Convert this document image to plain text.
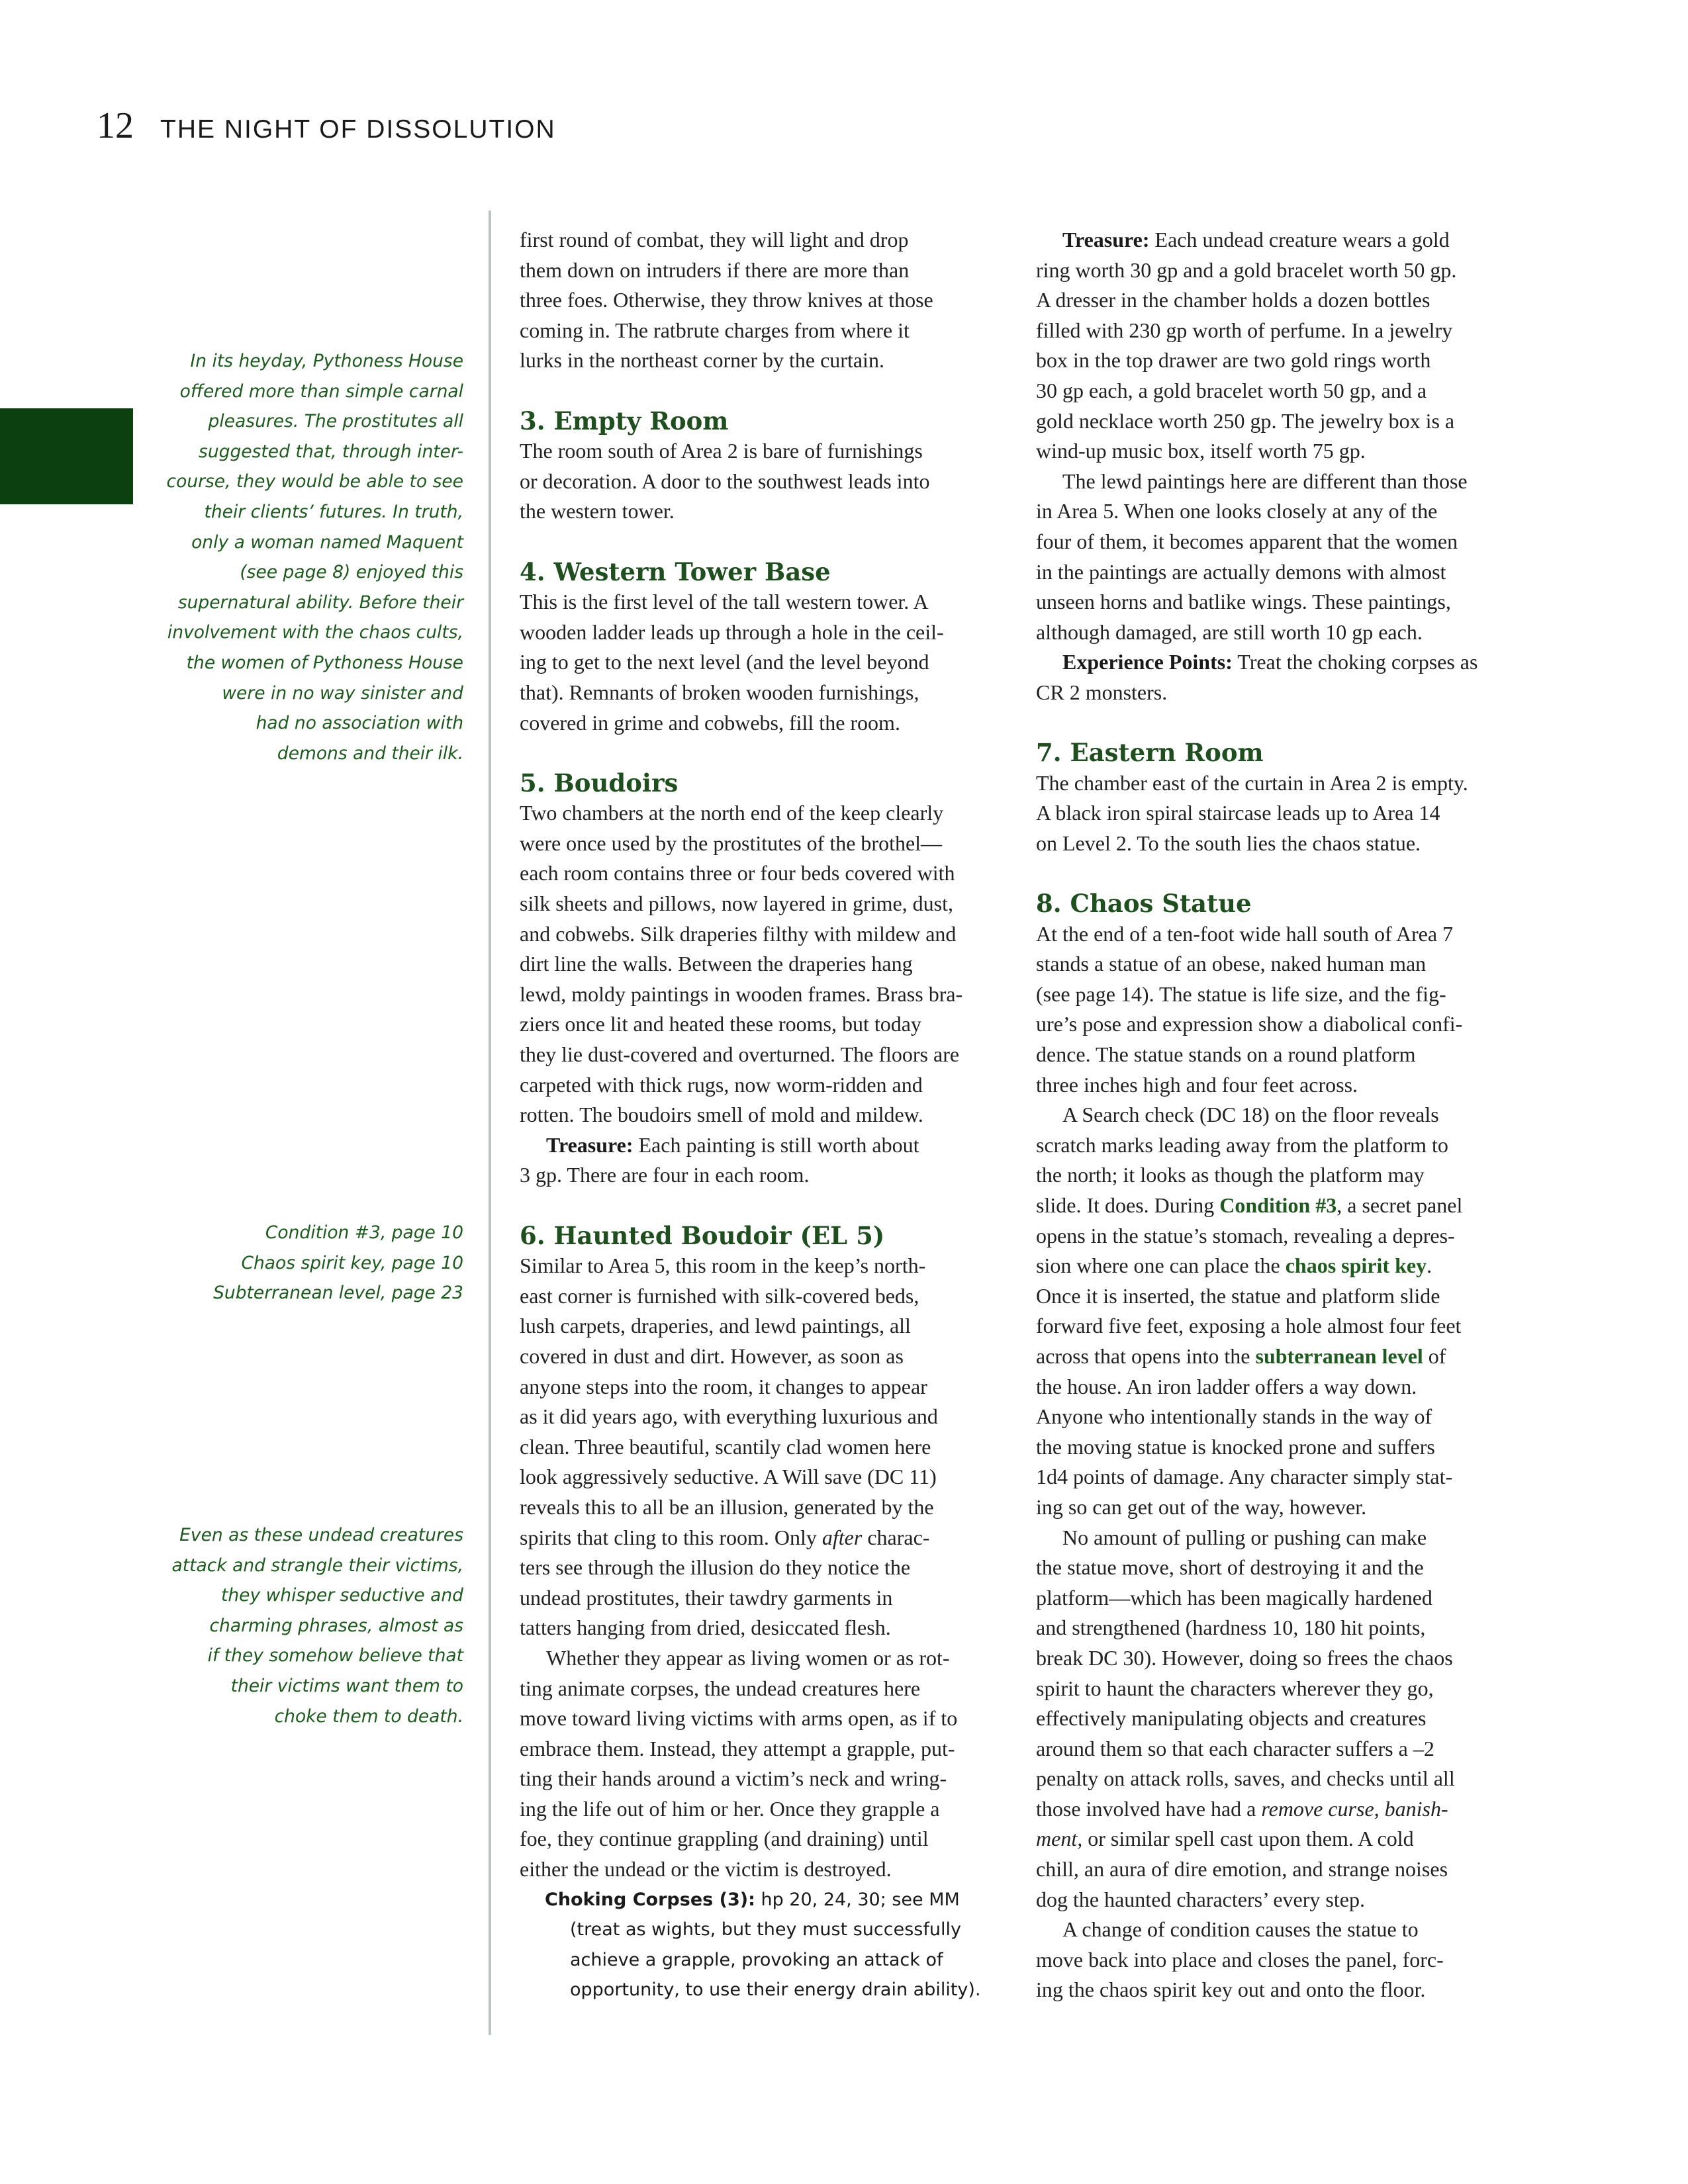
12 THE NIGHT OF DISSOLUTION
In its heyday, Pythoness House
offered more than simple carnal
pleasures. The prostitutes all
suggested that, through inter-
course, they would be able to see
their clients’ futures. In truth,
only a woman named Maquent
(see page 8) enjoyed this
supernatural ability. Before their
involvement with the chaos cults,
the women of Pythoness House
were in no way sinister and
had no association with
demons and their ilk.
Condition #3, page 10
Chaos spirit key, page 10
Subterranean level, page 23
Even as these undead creatures
attack and strangle their victims,
they whisper seductive and
charming phrases, almost as
if they somehow believe that
their victims want them to
choke them to death.

first round of combat, they will light and drop
them down on intruders if there are more than
three foes. Otherwise, they throw knives at those
coming in. The ratbrute charges from where it
lurks in the northeast corner by the curtain.

3. Empty Room

The room south of Area 2 is bare of furnishings
or decoration. A door to the southwest leads into
the western tower.

4. Western Tower Base

This is the first level of the tall western tower. A
wooden ladder leads up through a hole in the ceil-
ing to get to the next level (and the level beyond
that). Remnants of broken wooden furnishings,
covered in grime and cobwebs, fill the room.

5. Boudoirs

Two chambers at the north end of the keep clearly
were once used by the prostitutes of the brothel—
each room contains three or four beds covered with
silk sheets and pillows, now layered in grime, dust,
and cobwebs. Silk draperies filthy with mildew and
dirt line the walls. Between the draperies hang
lewd, moldy paintings in wooden frames. Brass bra-
ziers once lit and heated these rooms, but today
they lie dust-covered and overturned. The floors are
carpeted with thick rugs, now worm-ridden and
rotten. The boudoirs smell of mold and mildew.

Treasure: Each painting is still worth about
3 gp. There are four in each room.

6. Haunted Boudoir (EL 5)

Similar to Area 5, this room in the keep’s north-
east corner is furnished with silk-covered beds,
lush carpets, draperies, and lewd paintings, all
covered in dust and dirt. However, as soon as
anyone steps into the room, it changes to appear
as it did years ago, with everything luxurious and
clean. Three beautiful, scantily clad women here
look aggressively seductive. A Will save (DC 11)
reveals this to all be an illusion, generated by the
spirits that cling to this room. Only after charac-
ters see through the illusion do they notice the
undead prostitutes, their tawdry garments in
tatters hanging from dried, desiccated flesh.

Whether they appear as living women or as rot-
ting animate corpses, the undead creatures here
move toward living victims with arms open, as if to
embrace them. Instead, they attempt a grapple, put-
ting their hands around a victim’s neck and wring-
ing the life out of him or her. Once they grapple a
foe, they continue grappling (and draining) until
either the undead or the victim is destroyed.

Choking Corpses (3): hp 20, 24, 30; see MM
(treat as wights, but they must successfully
achieve a grapple, provoking an attack of
opportunity, to use their energy drain ability).

Treasure: Each undead creature wears a gold
ring worth 30 gp and a gold bracelet worth 50 gp.
A dresser in the chamber holds a dozen bottles
filled with 230 gp worth of perfume. In a jewelry
box in the top drawer are two gold rings worth
30 gp each, a gold bracelet worth 50 gp, and a
gold necklace worth 250 gp. The jewelry box is a
wind-up music box, itself worth 75 gp.

The lewd paintings here are different than those
in Area 5. When one looks closely at any of the
four of them, it becomes apparent that the women
in the paintings are actually demons with almost
unseen horns and batlike wings. These paintings,
although damaged, are still worth 10 gp each.

Experience Points: Treat the choking corpses as
CR 2 monsters.

7. Eastern Room

The chamber east of the curtain in Area 2 is empty.
A black iron spiral staircase leads up to Area 14
on Level 2. To the south lies the chaos statue.

8. Chaos Statue

At the end of a ten-foot wide hall south of Area 7
stands a statue of an obese, naked human man
(see page 14). The statue is life size, and the fig-
ure’s pose and expression show a diabolical confi-
dence. The statue stands on a round platform
three inches high and four feet across.

A Search check (DC 18) on the floor reveals
scratch marks leading away from the platform to
the north; it looks as though the platform may
slide. It does. During Condition #3, a secret panel
opens in the statue’s stomach, revealing a depres-
sion where one can place the chaos spirit key.
Once it is inserted, the statue and platform slide
forward five feet, exposing a hole almost four feet
across that opens into the subterranean level of
the house. An iron ladder offers a way down.
Anyone who intentionally stands in the way of
the moving statue is knocked prone and suffers
1d4 points of damage. Any character simply stat-
ing so can get out of the way, however.

No amount of pulling or pushing can make
the statue move, short of destroying it and the
platform—which has been magically hardened
and strengthened (hardness 10, 180 hit points,
break DC 30). However, doing so frees the chaos
spirit to haunt the characters wherever they go,
effectively manipulating objects and creatures
around them so that each character suffers a –2
penalty on attack rolls, saves, and checks until all
those involved have had a remove curse, banish-
ment, or similar spell cast upon them. A cold
chill, an aura of dire emotion, and strange noises
dog the haunted characters’ every step.

A change of condition causes the statue to
move back into place and closes the panel, forc-
ing the chaos spirit key out and onto the floor.
